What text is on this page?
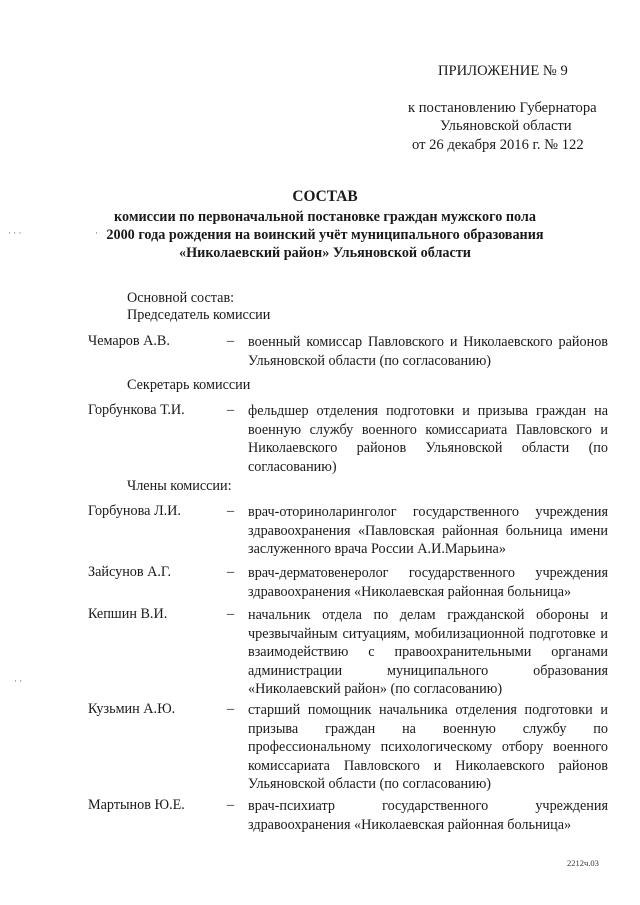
ПРИЛОЖЕНИЕ № 9
к постановлению Губернатора
Ульяновской области
от 26 декабря 2016 г. № 122
СОСТАВ
комиссии по первоначальной постановке граждан мужского пола
2000 года рождения на воинский учёт муниципального образования
«Николаевский район» Ульяновской области
Основной состав:
Председатель комиссии
Чемаров А.В.	– военный комиссар Павловского и Николаевского районов Ульяновской области (по согласованию)
Секретарь комиссии
Горбункова Т.И.	– фельдшер отделения подготовки и призыва граждан на военную службу военного комиссариата Павловского и Николаевского районов Ульяновской области (по согласованию)
Члены комиссии:
Горбунова Л.И.	– врач-оториноларинголог государственного учреждения здравоохранения «Павловская районная больница имени заслуженного врача России А.И.Марьина»
Зайсунов А.Г.	– врач-дерматовенеролог государственного учреждения здравоохранения «Николаевская районная больница»
Кепшин В.И.	– начальник отдела по делам гражданской обороны и чрезвычайным ситуациям, мобилизационной подготовке и взаимодействию с правоохранительными органами администрации муниципального образования «Николаевский район» (по согласованию)
Кузьмин А.Ю.	– старший помощник начальника отделения подготовки и призыва граждан на военную службу по профессиональному психологическому отбору военного комиссариата Павловского и Николаевского районов Ульяновской области (по согласованию)
Мартынов Ю.Е.	– врач-психиатр государственного учреждения здравоохранения «Николаевская районная больница»
· · ·	·
· ·
2212ч.03
